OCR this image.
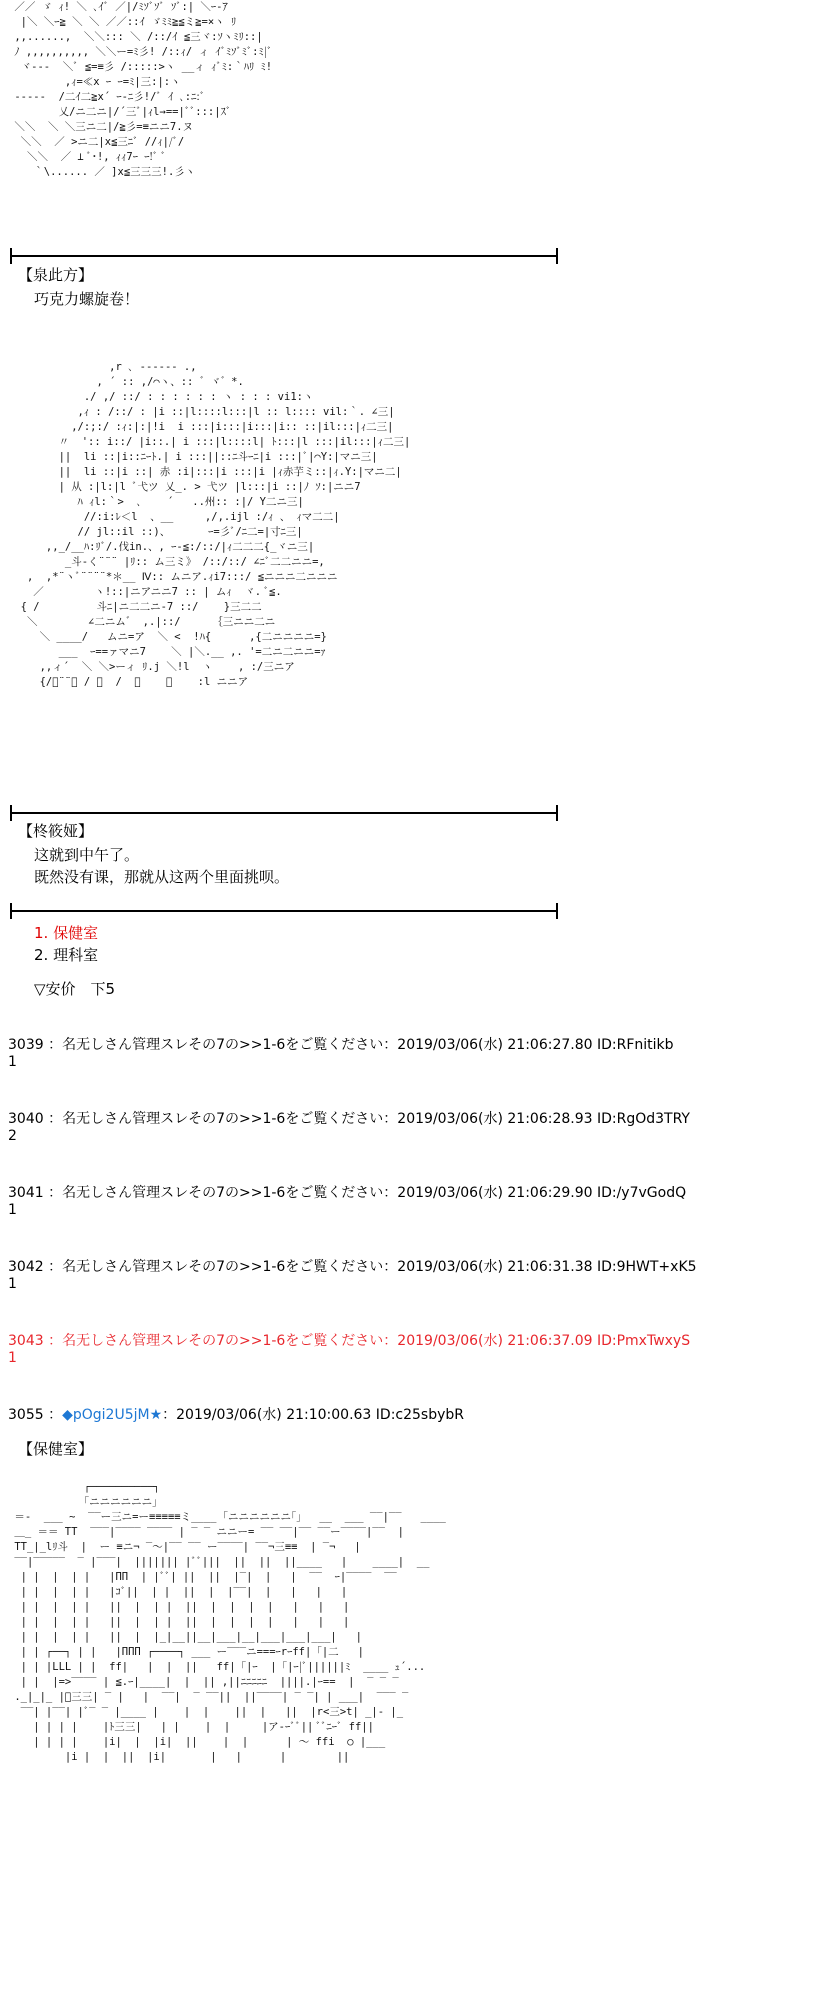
／／ ゞ ｨ! ＼ ､ｲﾞ ／|/ﾐｿﾞｿﾞ ｿﾞ:| ＼ｰ-ｱ
|＼ ＼ｰ≧ ＼ ＼ ／／::ｲ ゞﾐﾐ≧≦ミ≧=×ヽ ﾘ
,,......,  ＼＼::: ＼ /::/ｲ ≦三ヾ:ｿヽﾐﾘ::|
ﾉ ,,,,,,,,,, ＼＼ー=ﾐ彡! /::ｨ/ ィ ｲﾞﾐｿﾞﾐﾞ:ﾐ|ﾞ
ヾ---  ＼ﾞ ≦=≡彡 /:::::>ヽ __ィ ｨﾞﾐ:｀ﾊﾘ ﾐ!
,ｨ=≪x ｰ ｰ=ﾐ|三:|:ヽ
-----  /二ｲ二≧x´ ｰ-ﾆ彡!/ﾞ ｲ ､:ﾆ:ﾞ
乂/ニ二ニ|/´三ﾞ|ｨl→==|ﾞﾞ:::|ｽﾞ
＼＼  ＼ ＼三ニ二|/≧彡=≡ニニ7.ヌ
＼＼  ／ >ニ二|x≦三ﾆﾞ //ｨ|/ﾞ/
＼＼  ／ ⊥ ﾞ･!, ｨｨ7ｰ ｰ!ﾞ ﾞ
｀\...... ／ ]x≦三三三!.彡ヽ
【泉此方】
巧克力螺旋卷！
,r ､ ------ .,
, ´ :: ,/⌒ヽ、:: ゛ヾ゛*.
./ ,/ ::/ : : : : : : ヽ : : : vi1:ヽ
,ｨ : /::/ : |i ::|l::::l:::|l :: l:::: vil:｀. ∠三|
,/:;:/ :ｨ:|:|!i  i :::|i:::|i:::|i:: ::|il:::|ｨ二三|
〃  ':: i::/ |i::.| i :::|l::::l| ﾄ:::|l :::|il:::|ｨ二三|
||  li ::|i::ﾆｰﾄ.| i :::||::ﾆ斗ｰﾆ|i :::|ﾞ|⌒Y:|マニ三|
||  li ::|i ::| 赤 :i|:::|i :::|i |ｨ赤芋ミ::|ｨ.Y:|マニ二|
| 从 :|l:|l ﾞ弋ツ 乂_. > 弋ツ |l:::|i ::|ﾉ ｿ:|ニニ7
ﾊ ｨl:｀>  ､    ´   ..州:: :|/ Y二ニ三|
//:i:ﾚ＜l  、__     ,/,.ijl :/ｨ 、 ｨマ二二|
// jl::il ::)、      ｰ=彡ﾞ/ﾆ二=|寸ﾆ三|
,,_/__ﾊ:ﾘﾞ/.伐in.、, ｰ‐≦:/::/|ｨ二二二{_ヾニ三|
_斗-く¨¨¨ |ﾘ:: ム三ミ》 /::/::/ ∠ﾆﾞ二二ニニ=,
,  ,*¨ヽﾞ¨¨¨¨*＊__ Ⅳ:: ムニア.ｨi7:::/ ≦ニニニ二ニニニ
／        ヽ!::|ニアニニ7 :: | ムｨ  ヾ. ﾞ≦.
{ /         斗ﾆ|ニ二二ニ-7 ::/    }三二二
＼        ∠二ニム゛ ,.|::/     ｛三ニニ二ニ
＼ ____/   ムニ=ア  ＼ <  !ﾊ{      ,{二ニニニニ=}
___  ｰ==ァマニ7    ＼ |＼.__ ,. '=二ニ二ニニ=ｧ
,,ィ´  ＼ ＼>ーィ ﾘ.j ＼!l  ヽ    , :/三ニア
{/ﾞ¨¨＼ / ＼  /  ＼    ＼    :l ニニア
【柊筱娅】
这就到中午了。
既然没有课，那就从这两个里面挑呗。
1. 保健室
2. 理科室
▽安价　下5
3039 ：名无しさん管理スレその7の>>1-6をご覧ください：2019/03/06(水) 21:06:27.80 ID:RFnitikb
1
3040 ：名无しさん管理スレその7の>>1-6をご覧ください：2019/03/06(水) 21:06:28.93 ID:RgOd3TRY
2
3041 ：名无しさん管理スレその7の>>1-6をご覧ください：2019/03/06(水) 21:06:29.90 ID:/y7vGodQ
1
3042 ：名无しさん管理スレその7の>>1-6をご覧ください：2019/03/06(水) 21:06:31.38 ID:9HWT+xK5
1
3043 ：名无しさん管理スレその7の>>1-6をご覧ください：2019/03/06(水) 21:06:37.09 ID:PmxTwxyS
1
3055 ：◆pOgi2U5jM★：2019/03/06(水) 21:10:00.63 ID:c25sbybR
【保健室】
┌──────────┐
｢ニニニニニニ｣
＝-  ___ ~  ‾‾ー三ニ=ー≡≡≡≡≡ミ____ ｢ニニニニニニ｢」  __  ___ ‾‾|‾‾   ____
＿_ ＝＝ TT  ‾‾‾|‾‾‾‾ ‾‾‾‾ | ‾ ‾ ニニー= ‾‾ ‾‾|‾‾ ‾‾ー‾‾‾‾|‾‾  |
TT_|_lﾘ斗  |  ー ≡ニ¬ ‾〜|‾‾ ‾‾ ー‾‾‾‾| ‾‾¬三≡≡  | ‾¬   |
‾‾|‾‾‾‾‾  ‾ |‾‾‾|  ||||||| |ﾞﾞ|||  ||  ||  ||____   |    ____|  __
| |  |  | |   |ΠΠ  | |ﾞﾞ| ||  ||  |‾|  |   |  ‾‾  ｰ|‾‾‾‾  ‾‾
| |  |  | |   |ｺﾞ||  | |  ||  |  |‾‾|  |   |   |   |
| |  |  | |   ||  |  | |  ||  |  |  |  |   |   |   |
| |  |  | |   ||  |  | |  ||  |  |  |  |   |   |   |
| |  |  | |   ||  |  |_|__||__|___|__|___|___|___|   |
| | ┌──┐ | |   |ΠΠΠ ┌────┐ ___ ー‾‾‾ニ===ｰrｰff|「|二   |
| | |LLL | |  ff|   |  |  ||   ff|「|ｰ  |「|ｰ|ﾞ||||||ﾐ  ____ ｭ´...
| |  |=>‾‾‾‾ | ≦.ｰ|____|  |  || ,||ﾆﾆﾆﾆﾆ  ||||.|ｰ==  |  ‾ ‾ ‾
._|_|_ |ﾞ三三| ‾ |   |  ‾‾|  ‾ ‾‾||  ||‾‾‾‾| ‾ ‾| | ___|  ‾‾‾ ‾
‾‾| |‾‾| |ﾞ‾ ‾ |____ |    |  |    ||  |   ||  |r<三>t| _|- |_
| | | |    |ﾄ三三|   | |    |  |     |ア-ｰﾞﾞ|| ﾞﾞﾆｰﾞ ff||
| | | |    |i|  |  |i|  ||    |  |      | 〜 ffi  ○ |___
|i |  |  ||  |i|       |   |      |        ||
